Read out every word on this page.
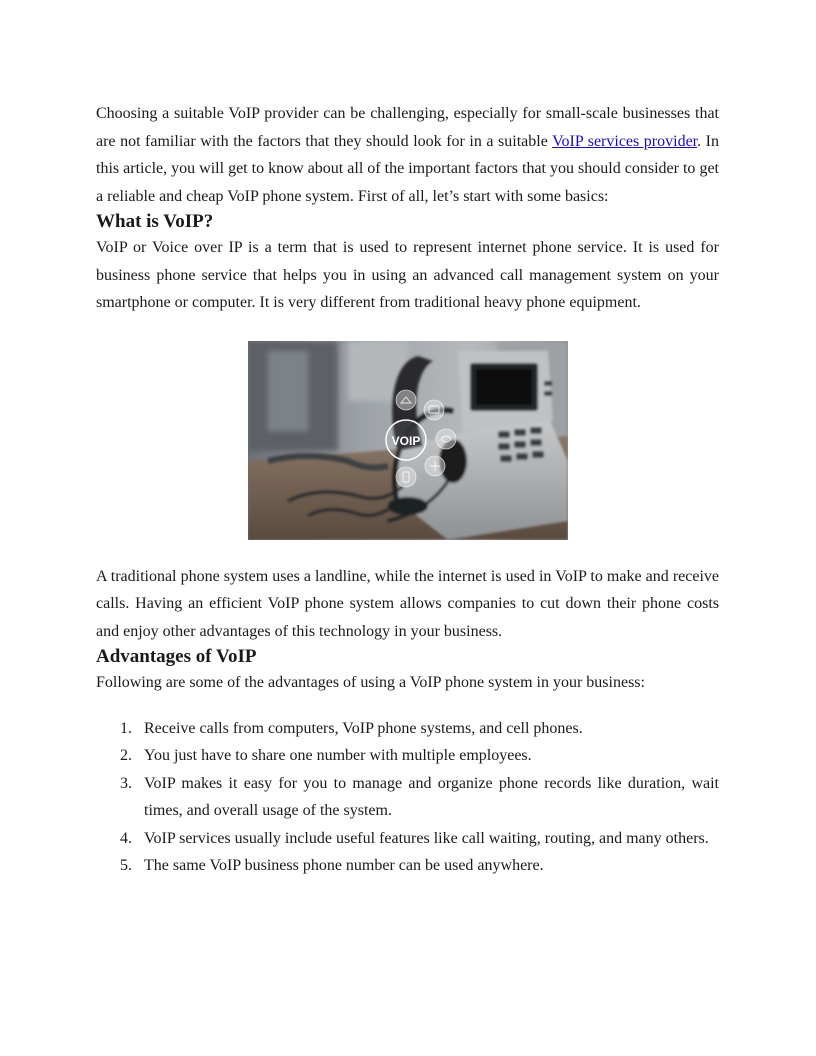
Choosing a suitable VoIP provider can be challenging, especially for small-scale businesses that are not familiar with the factors that they should look for in a suitable VoIP services provider. In this article, you will get to know about all of the important factors that you should consider to get a reliable and cheap VoIP phone system. First of all, let’s start with some basics:

What is VoIP?

VoIP or Voice over IP is a term that is used to represent internet phone service. It is used for business phone service that helps you in using an advanced call management system on your smartphone or computer. It is very different from traditional heavy phone equipment.

VOIP

A traditional phone system uses a landline, while the internet is used in VoIP to make and receive calls. Having an efficient VoIP phone system allows companies to cut down their phone costs and enjoy other advantages of this technology in your business.

Advantages of VoIP

Following are some of the advantages of using a VoIP phone system in your business:

1. Receive calls from computers, VoIP phone systems, and cell phones.
2. You just have to share one number with multiple employees.
3. VoIP makes it easy for you to manage and organize phone records like duration, wait times, and overall usage of the system.
4. VoIP services usually include useful features like call waiting, routing, and many others.
5. The same VoIP business phone number can be used anywhere.
